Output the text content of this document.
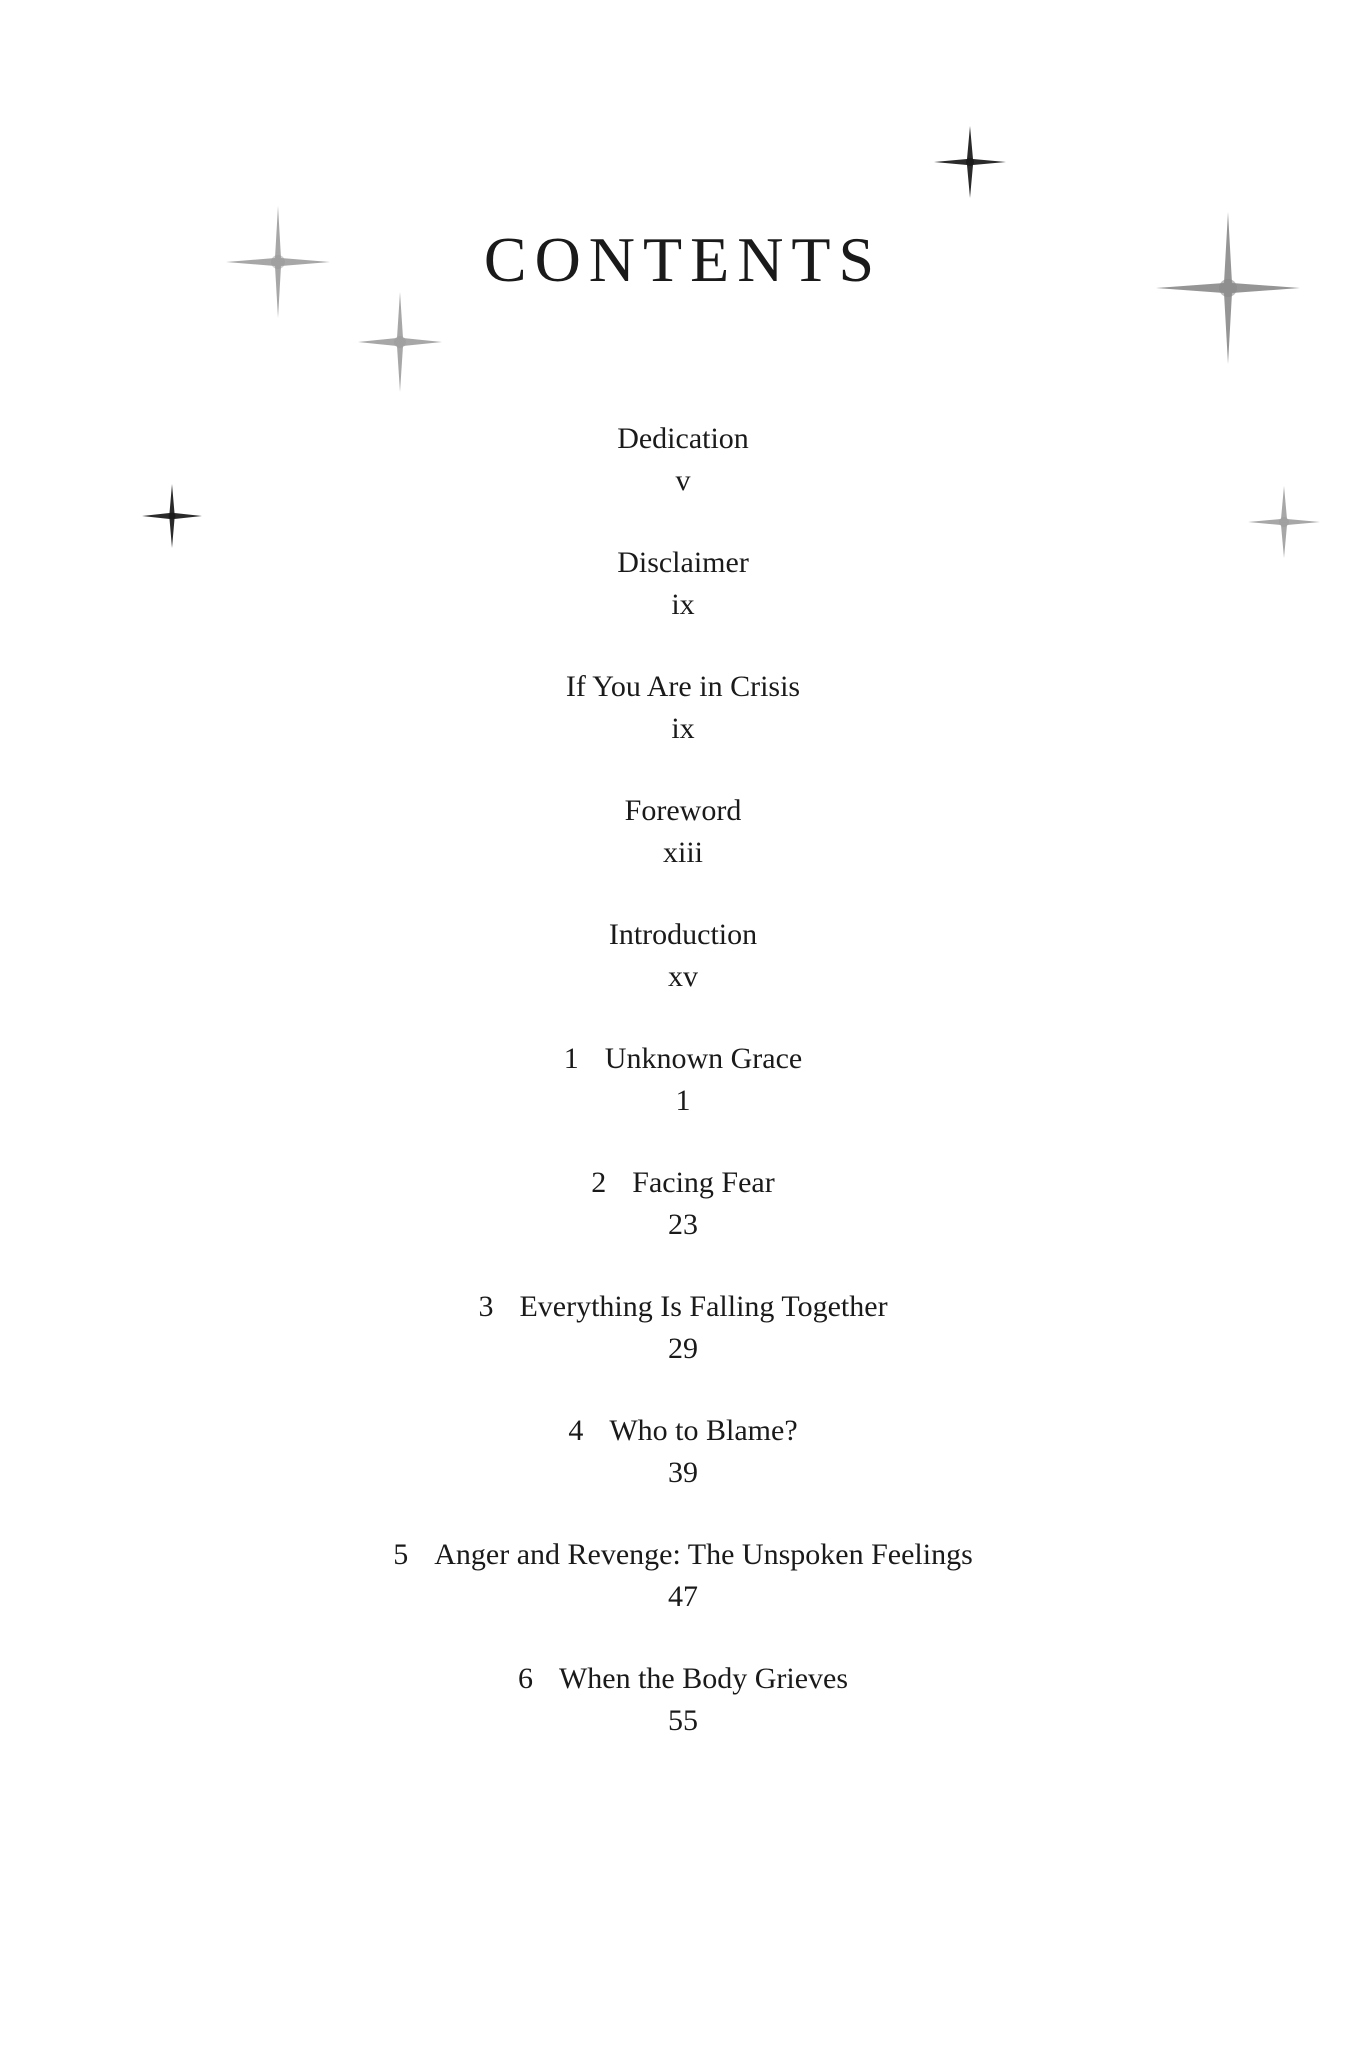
CONTENTS
Dedication
v
Disclaimer
ix
If You Are in Crisis
ix
Foreword
xiii
Introduction
xv
1 Unknown Grace
1
2 Facing Fear
23
3 Everything Is Falling Together
29
4 Who to Blame?
39
5 Anger and Revenge: The Unspoken Feelings
47
6 When the Body Grieves
55
